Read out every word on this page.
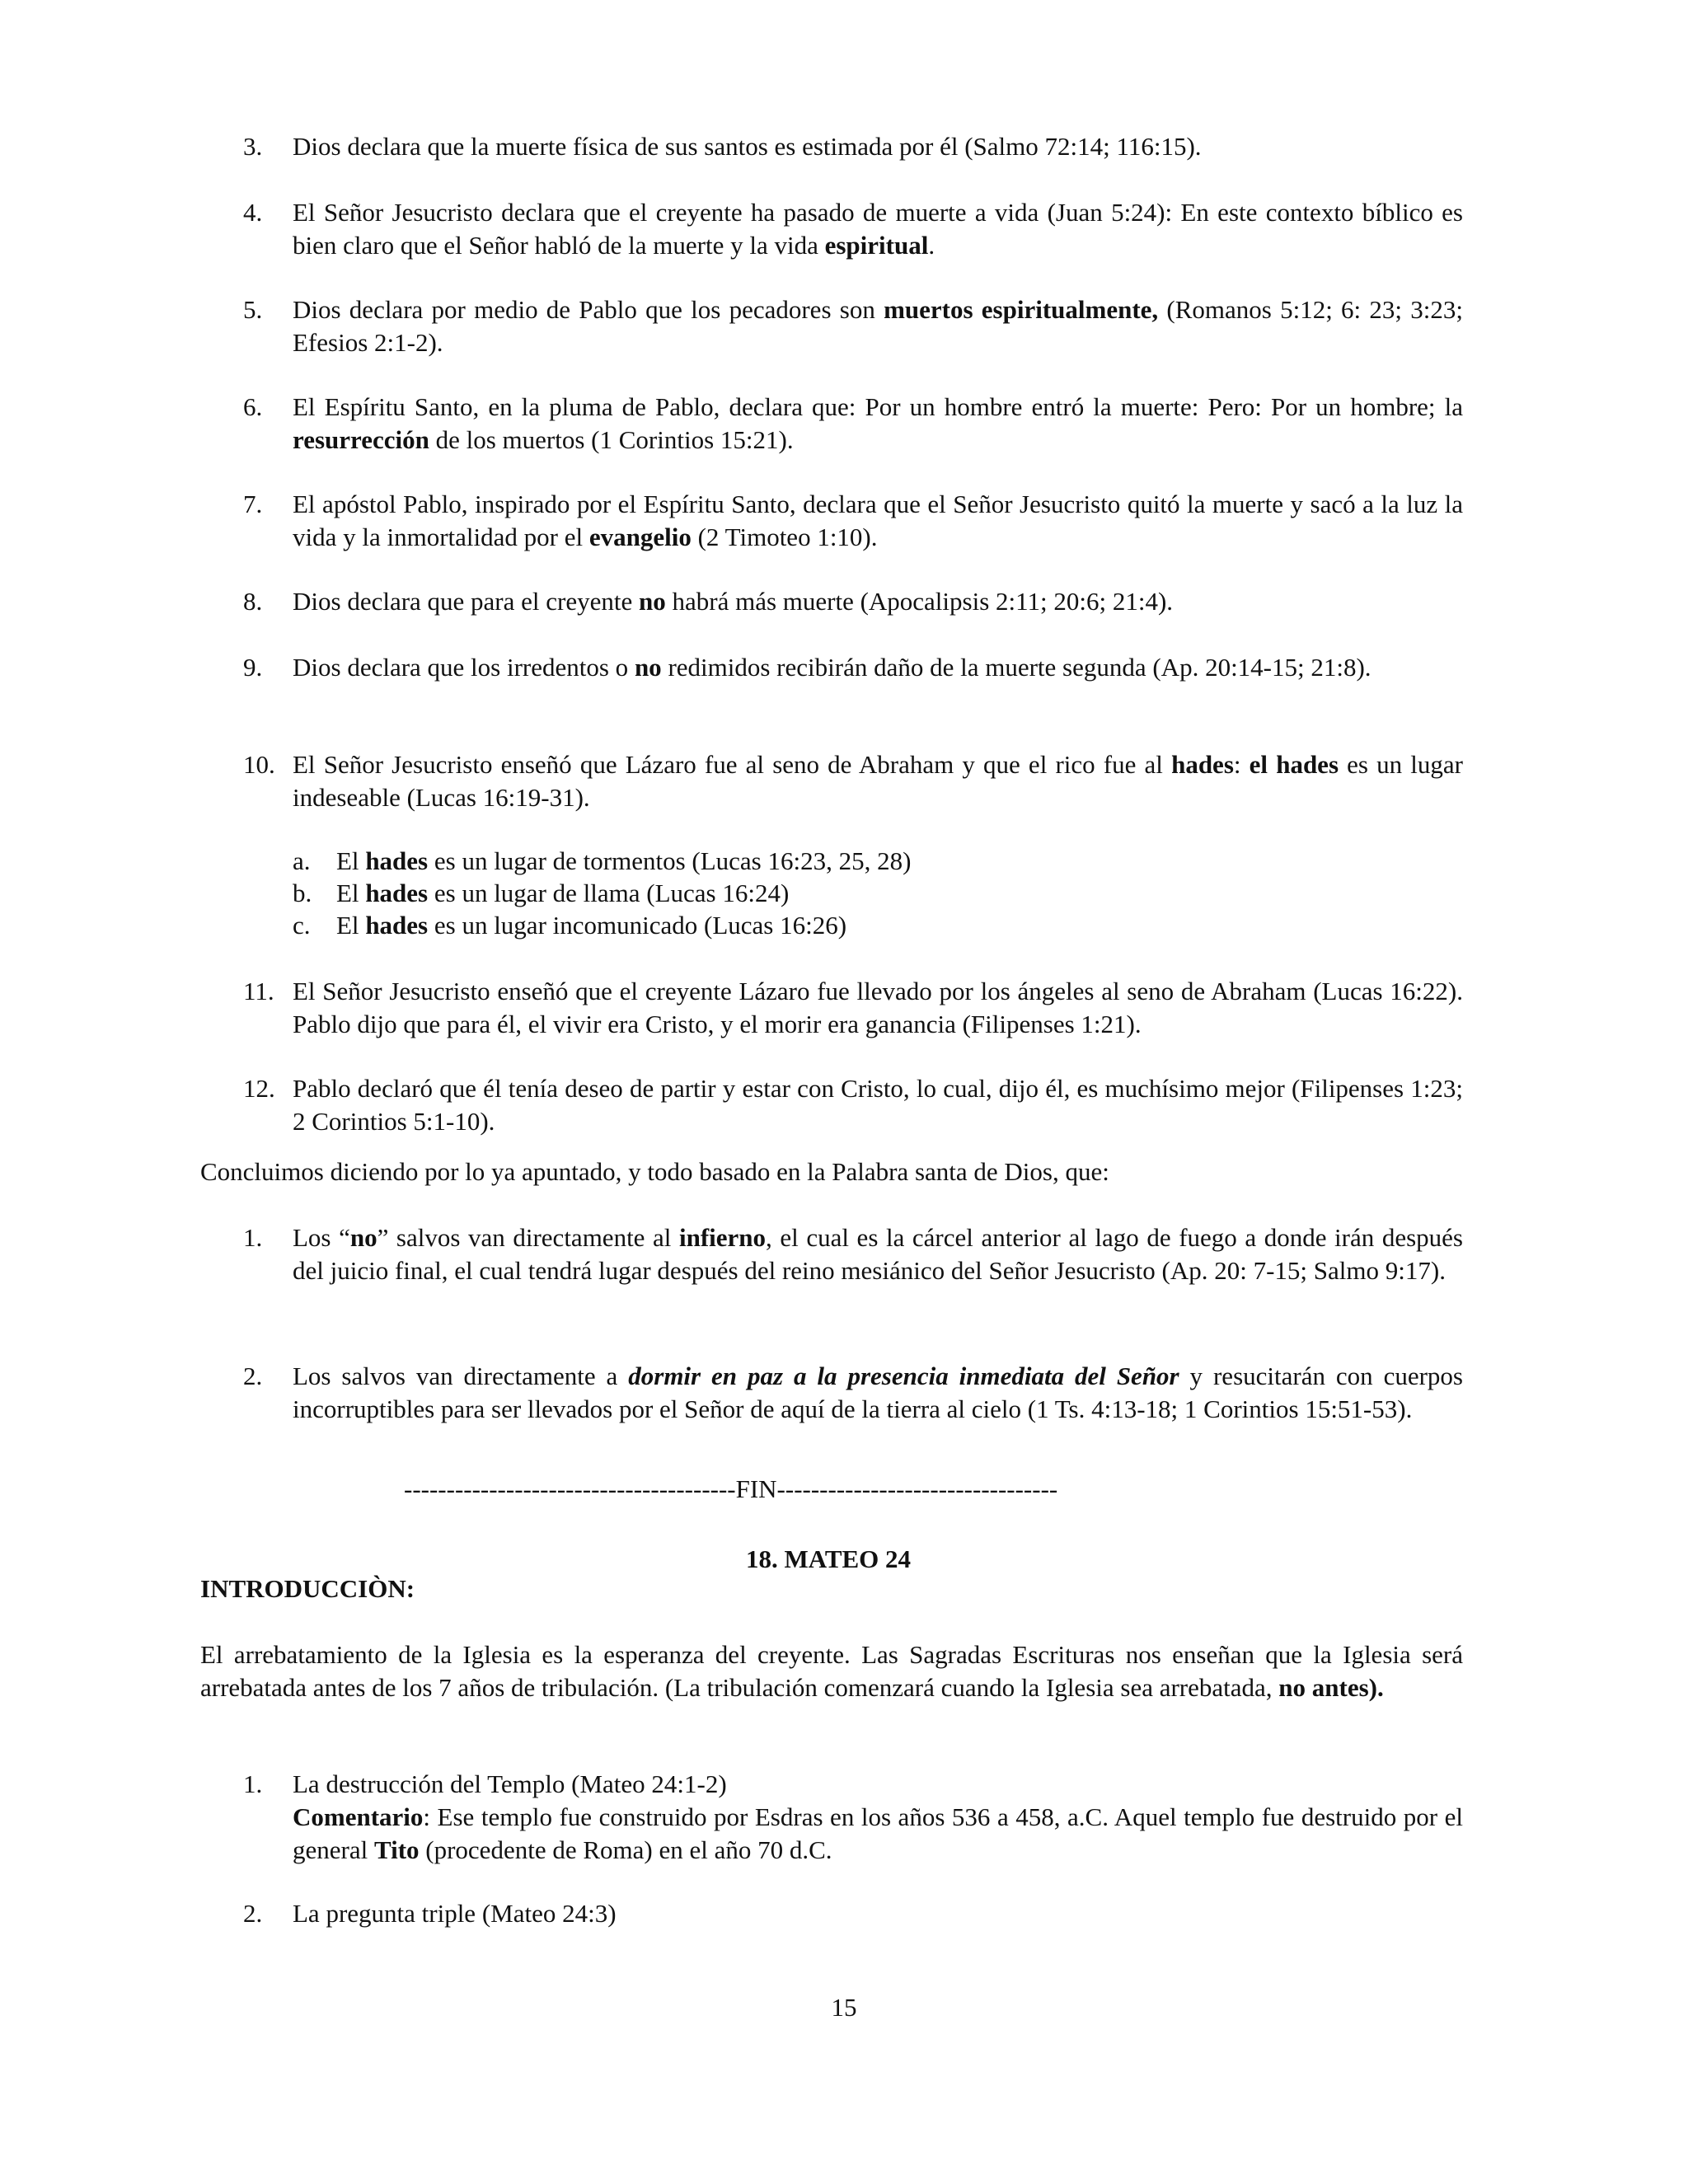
3.	Dios declara que la muerte física de sus santos es estimada por él (Salmo 72:14; 116:15).
4.	El Señor Jesucristo declara que el creyente ha pasado de muerte a vida (Juan 5:24): En este contexto bíblico es bien claro que el Señor habló de la muerte y la vida espiritual.
5.	Dios declara por medio de Pablo que los pecadores son muertos espiritualmente, (Romanos 5:12; 6: 23; 3:23; Efesios 2:1-2).
6.	El Espíritu Santo, en la pluma de Pablo, declara que: Por un hombre entró la muerte: Pero: Por un hombre; la resurrección de los muertos (1 Corintios 15:21).
7.	El apóstol Pablo, inspirado por el Espíritu Santo, declara que el Señor Jesucristo quitó la muerte y sacó a la luz la vida y la inmortalidad por el evangelio (2 Timoteo 1:10).
8.	Dios declara que para el creyente no habrá más muerte (Apocalipsis 2:11; 20:6; 21:4).
9.	Dios declara que los irredentos o no redimidos recibirán daño de la muerte segunda (Ap. 20:14-15; 21:8).
10. El Señor Jesucristo enseñó que Lázaro fue al seno de Abraham y que el rico fue al hades: el hades es un lugar indeseable (Lucas 16:19-31).
a. El hades es un lugar de tormentos (Lucas 16:23, 25, 28)
b. El hades es un lugar de llama (Lucas 16:24)
c. El hades es un lugar incomunicado (Lucas 16:26)
11. El Señor Jesucristo enseñó que el creyente Lázaro fue llevado por los ángeles al seno de Abraham (Lucas 16:22). Pablo dijo que para él, el vivir era Cristo, y el morir era ganancia (Filipenses 1:21).
12. Pablo declaró que él tenía deseo de partir y estar con Cristo, lo cual, dijo él, es muchísimo mejor (Filipenses 1:23; 2 Corintios 5:1-10).
Concluimos diciendo por lo ya apuntado, y todo basado en la Palabra santa de Dios, que:
1.	Los “no” salvos van directamente al infierno, el cual es la cárcel anterior al lago de fuego a donde irán después del juicio final, el cual tendrá lugar después del reino mesiánico del Señor Jesucristo (Ap. 20: 7-15; Salmo 9:17).
2.	Los salvos van directamente a dormir en paz a la presencia inmediata del Señor y resucitarán con cuerpos incorruptibles para ser llevados por el Señor de aquí de la tierra al cielo (1 Ts. 4:13-18; 1 Corintios 15:51-53).
---------------------------------------FIN---------------------------------
18. MATEO 24
INTRODUCCIÒN:
El arrebatamiento de la Iglesia es la esperanza del creyente. Las Sagradas Escrituras nos enseñan que la Iglesia será arrebatada antes de los 7 años de tribulación. (La tribulación comenzará cuando la Iglesia sea arrebatada, no antes).
1.	La destrucción del Templo (Mateo 24:1-2)
Comentario: Ese templo fue construido por Esdras en los años 536 a 458, a.C. Aquel templo fue destruido por el general Tito (procedente de Roma) en el año 70 d.C.
2.	La pregunta triple (Mateo 24:3)
15
